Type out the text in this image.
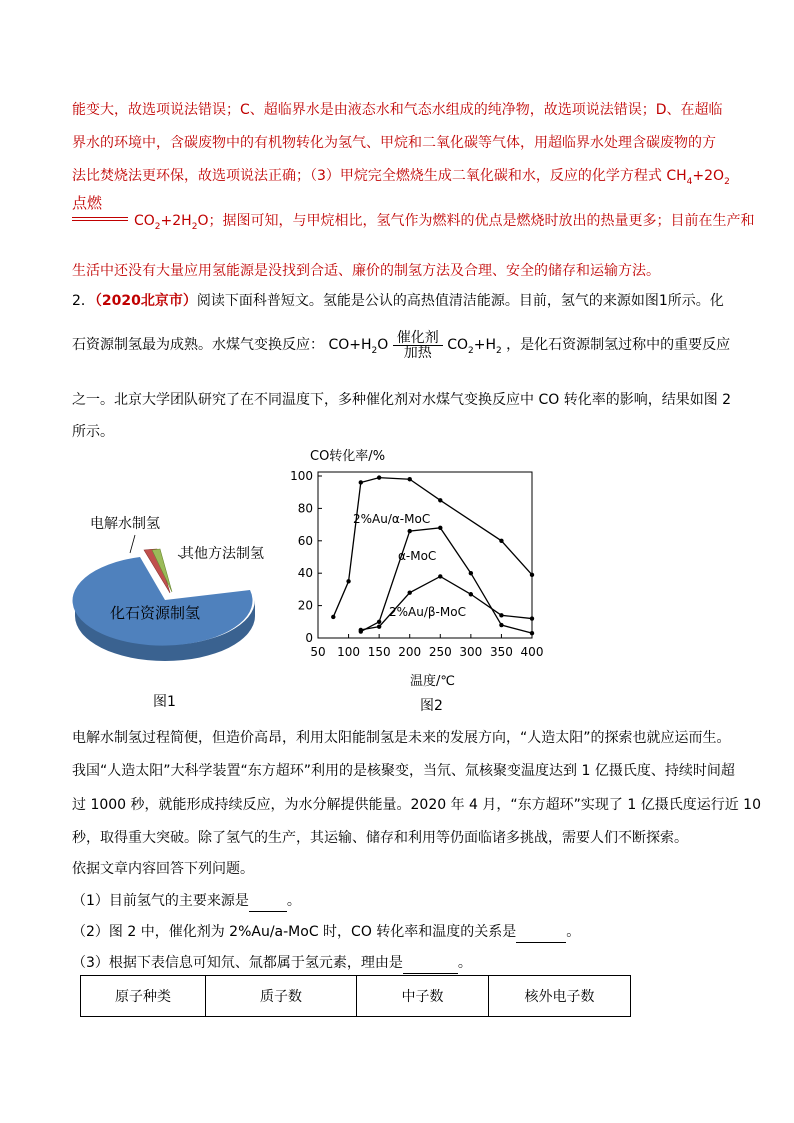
能变大，故选项说法错误；C、超临界水是由液态水和气态水组成的纯净物，故选项说法错误；D、在超临
界水的环境中，含碳废物中的有机物转化为氢气、甲烷和二氧化碳等气体，用超临界水处理含碳废物的方
法比焚烧法更环保，故选项说法正确；（3）甲烷完全燃烧生成二氧化碳和水，反应的化学方程式 $CH_4+2O_2$
点燃
$CO_2+2H_2O$；据图可知，与甲烷相比，氢气作为燃料的优点是燃烧时放出的热量更多；目前在生产和
生活中还没有大量应用氢能源是没找到合适、廉价的制氢方法及合理、安全的储存和运输方法。
2．（2020北京市）阅读下面科普短文。氢能是公认的高热值清洁能源。目前，氢气的来源如图1所示。化
石资源制氢最为成熟。水煤气变换反应： $CO+H_2O \frac{\text{催化剂}}{\text{加热}} CO_2+H_2$ ，是化石资源制氢过称中的重要反应
之一。北京大学团队研究了在不同温度下，多种催化剂对水煤气变换反应中 CO 转化率的影响，结果如图 2
所示。
电解水制氢
其他方法制氢
化石资源制氢
图1
CO转化率/%
0
20
40
60
80
100
50 100 150 200 250 300 350 400
2%Au/α-MoC
α-MoC
2%Au/β-MoC
温度/℃
图2
电解水制氢过程简便，但造价高昂，利用太阳能制氢是未来的发展方向，“人造太阳”的探索也就应运而生。
我国“人造太阳”大科学装置“东方超环”利用的是核聚变，当氘、氚核聚变温度达到 1 亿摄氏度、持续时间超
过 1000 秒，就能形成持续反应，为水分解提供能量。2020 年 4 月，“东方超环”实现了 1 亿摄氏度运行近 10
秒，取得重大突破。除了氢气的生产，其运输、储存和利用等仍面临诸多挑战，需要人们不断探索。
依据文章内容回答下列问题。
（1）目前氢气的主要来源是	。
（2）图 2 中，催化剂为 2%Au/a-MoC 时，CO 转化率和温度的关系是	。
（3）根据下表信息可知氘、氚都属于氢元素，理由是	。
原子种类	质子数	中子数	核外电子数
